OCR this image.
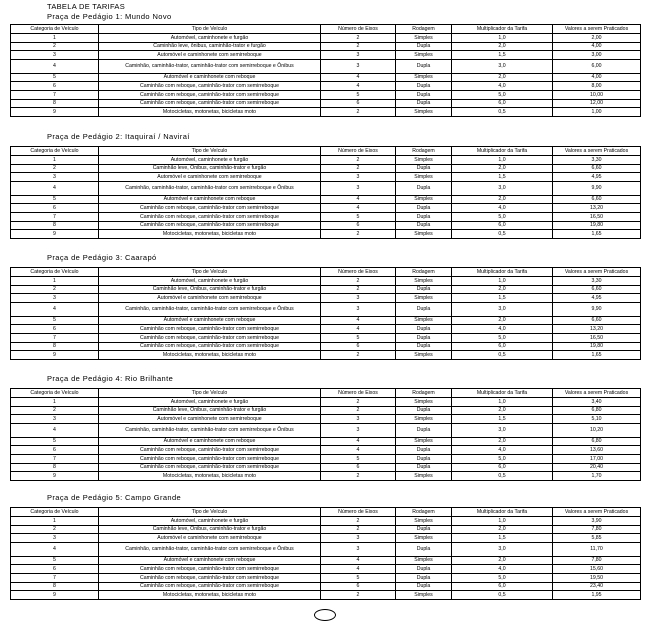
TABELA DE TARIFAS
Praça de Pedágio 1: Mundo Novo
Categoria de Veículo	Tipo de Veículo	Número de Eixos	Rodagem	Multiplicador da Tarifa	Valores a serem Praticados
1	Automóvel, caminhonete e furgão	2	Simples	1,0	2,00
2	Caminhão leve, ônibus, caminhão-trator e furgão	2	Dupla	2,0	4,00
3	Automóvel e caminhonete com semirreboque	3	Simples	1,5	3,00
4	Caminhão, caminhão-trator, caminhão-trator com semirreboque e Ônibus	3	Dupla	3,0	6,00
5	Automóvel e caminhonete com reboque	4	Simples	2,0	4,00
6	Caminhão com reboque, caminhão-trator com semirreboque	4	Dupla	4,0	8,00
7	Caminhão com reboque, caminhão-trator com semirreboque	5	Dupla	5,0	10,00
8	Caminhão com reboque, caminhão-trator com semirreboque	6	Dupla	6,0	12,00
9	Motocicletas, motonetas, bicicletas moto	2	Simples	0,5	1,00
Praça de Pedágio 2: Itaquiraí / Naviraí
Categoria de Veículo	Tipo de Veículo	Número de Eixos	Rodagem	Multiplicador da Tarifa	Valores a serem Praticados
1	Automóvel, caminhonete e furgão	2	Simples	1,0	3,30
2	Caminhão leve, Ônibus, caminhão-trator e furgão	2	Dupla	2,0	6,60
3	Automóvel e caminhonete com semirreboque	3	Simples	1,5	4,95
4	Caminhão, caminhão-trator, caminhão-trator com semirreboque e Ônibus	3	Dupla	3,0	9,90
5	Automóvel e caminhonete com reboque	4	Simples	2,0	6,60
6	Caminhão com reboque, caminhão-trator com semirreboque	4	Dupla	4,0	13,20
7	Caminhão com reboque, caminhão-trator com semirreboque	5	Dupla	5,0	16,50
8	Caminhão com reboque, caminhão-trator com semirreboque	6	Dupla	6,0	19,80
9	Motocicletas, motonetas, bicicletas moto	2	Simples	0,5	1,65
Praça de Pedágio 3: Caarapó
Categoria de Veículo	Tipo de Veículo	Número de Eixos	Rodagem	Multiplicador da Tarifa	Valores a serem Praticados
1	Automóvel, caminhonete e furgão	2	Simples	1,0	3,30
2	Caminhão leve, Ônibus, caminhão-trator e furgão	2	Dupla	2,0	6,60
3	Automóvel e caminhonete com semirreboque	3	Simples	1,5	4,95
4	Caminhão, caminhão-trator, caminhão-trator com semirreboque e Ônibus	3	Dupla	3,0	9,90
5	Automóvel e caminhonete com reboque	4	Simples	2,0	6,60
6	Caminhão com reboque, caminhão-trator com semirreboque	4	Dupla	4,0	13,20
7	Caminhão com reboque, caminhão-trator com semirreboque	5	Dupla	5,0	16,50
8	Caminhão com reboque, caminhão-trator com semirreboque	6	Dupla	6,0	19,80
9	Motocicletas, motonetas, bicicletas moto	2	Simples	0,5	1,65
Praça de Pedágio 4: Rio Brilhante
Categoria de Veículo	Tipo de Veículo	Número de Eixos	Rodagem	Multiplicador da Tarifa	Valores a serem Praticados
1	Automóvel, caminhonete e furgão	2	Simples	1,0	3,40
2	Caminhão leve, Ônibus, caminhão-trator e furgão	2	Dupla	2,0	6,80
3	Automóvel e caminhonete com semirreboque	3	Simples	1,5	5,10
4	Caminhão, caminhão-trator, caminhão-trator com semirreboque e Ônibus	3	Dupla	3,0	10,20
5	Automóvel e caminhonete com reboque	4	Simples	2,0	6,80
6	Caminhão com reboque, caminhão-trator com semirreboque	4	Dupla	4,0	13,60
7	Caminhão com reboque, caminhão-trator com semirreboque	5	Dupla	5,0	17,00
8	Caminhão com reboque, caminhão-trator com semirreboque	6	Dupla	6,0	20,40
9	Motocicletas, motonetas, bicicletas moto	2	Simples	0,5	1,70
Praça de Pedágio 5: Campo Grande
Categoria de Veículo	Tipo de Veículo	Número de Eixos	Rodagem	Multiplicador da Tarifa	Valores a serem Praticados
1	Automóvel, caminhonete e furgão	2	Simples	1,0	3,90
2	Caminhão leve, Ônibus, caminhão-trator e furgão	2	Dupla	2,0	7,80
3	Automóvel e caminhonete com semirreboque	3	Simples	1,5	5,85
4	Caminhão, caminhão-trator, caminhão-trator com semirreboque e Ônibus	3	Dupla	3,0	11,70
5	Automóvel e caminhonete com reboque	4	Simples	2,0	7,80
6	Caminhão com reboque, caminhão-trator com semirreboque	4	Dupla	4,0	15,60
7	Caminhão com reboque, caminhão-trator com semirreboque	5	Dupla	5,0	19,50
8	Caminhão com reboque, caminhão-trator com semirreboque	6	Dupla	6,0	23,40
9	Motocicletas, motonetas, bicicletas moto	2	Simples	0,5	1,95
